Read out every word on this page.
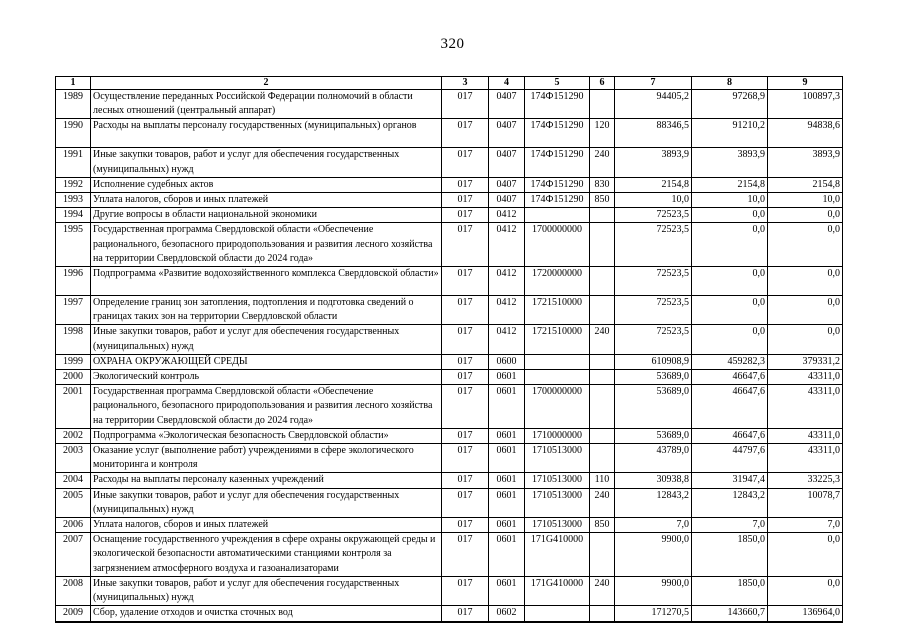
320
1	2	3	4	5	6	7	8	9
1989	Осуществление переданных Российской Федерации полномочий в области лесных отношений (центральный аппарат)	017	0407	174Ф151290		94405,2	97268,9	100897,3
1990	Расходы на выплаты персоналу государственных (муниципальных) органов	017	0407	174Ф151290	120	88346,5	91210,2	94838,6
1991	Иные закупки товаров, работ и услуг для обеспечения государственных (муниципальных) нужд	017	0407	174Ф151290	240	3893,9	3893,9	3893,9
1992	Исполнение судебных актов	017	0407	174Ф151290	830	2154,8	2154,8	2154,8
1993	Уплата налогов, сборов и иных платежей	017	0407	174Ф151290	850	10,0	10,0	10,0
1994	Другие вопросы в области национальной экономики	017	0412			72523,5	0,0	0,0
1995	Государственная программа Свердловской области «Обеспечение рационального, безопасного природопользования и развития лесного хозяйства на территории Свердловской области до 2024 года»	017	0412	1700000000		72523,5	0,0	0,0
1996	Подпрограмма «Развитие водохозяйственного комплекса Свердловской области»	017	0412	1720000000		72523,5	0,0	0,0
1997	Определение границ зон затопления, подтопления и подготовка сведений о границах таких зон на территории Свердловской области	017	0412	1721510000		72523,5	0,0	0,0
1998	Иные закупки товаров, работ и услуг для обеспечения государственных (муниципальных) нужд	017	0412	1721510000	240	72523,5	0,0	0,0
1999	ОХРАНА ОКРУЖАЮЩЕЙ СРЕДЫ	017	0600			610908,9	459282,3	379331,2
2000	Экологический контроль	017	0601			53689,0	46647,6	43311,0
2001	Государственная программа Свердловской области «Обеспечение рационального, безопасного природопользования и развития лесного хозяйства на территории Свердловской области до 2024 года»	017	0601	1700000000		53689,0	46647,6	43311,0
2002	Подпрограмма «Экологическая безопасность Свердловской области»	017	0601	1710000000		53689,0	46647,6	43311,0
2003	Оказание услуг (выполнение работ) учреждениями в сфере экологического мониторинга и контроля	017	0601	1710513000		43789,0	44797,6	43311,0
2004	Расходы на выплаты персоналу казенных учреждений	017	0601	1710513000	110	30938,8	31947,4	33225,3
2005	Иные закупки товаров, работ и услуг для обеспечения государственных (муниципальных) нужд	017	0601	1710513000	240	12843,2	12843,2	10078,7
2006	Уплата налогов, сборов и иных платежей	017	0601	1710513000	850	7,0	7,0	7,0
2007	Оснащение государственного учреждения в сфере охраны окружающей среды и экологической безопасности автоматическими станциями контроля за загрязнением атмосферного воздуха и газоанализаторами	017	0601	171G410000		9900,0	1850,0	0,0
2008	Иные закупки товаров, работ и услуг для обеспечения государственных (муниципальных) нужд	017	0601	171G410000	240	9900,0	1850,0	0,0
2009	Сбор, удаление отходов и очистка сточных вод	017	0602			171270,5	143660,7	136964,0
